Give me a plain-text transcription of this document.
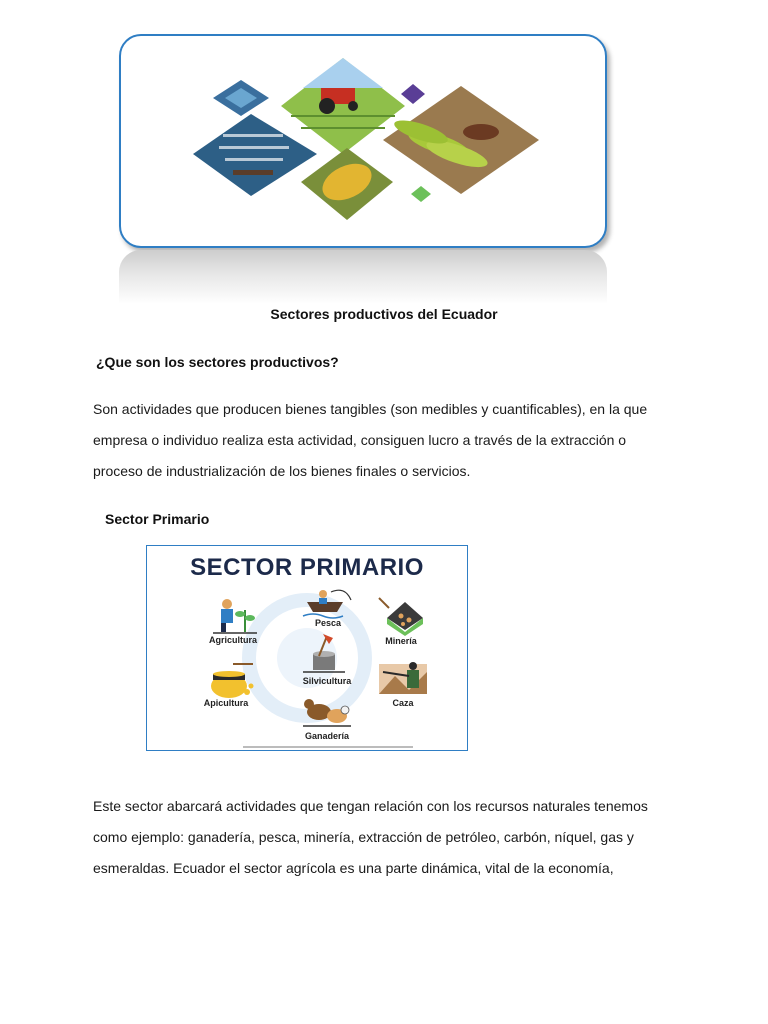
Sectores productivos del Ecuador
¿Que son los sectores productivos?
Son actividades que producen bienes tangibles (son medibles y cuantificables), en la que
empresa o individuo realiza esta actividad, consiguen lucro a través de la extracción o
proceso de industrialización de los bienes finales o servicios.
Sector Primario
SECTOR PRIMARIO
Agricultura
Pesca
Minería
Silvicultura
Apicultura	Caza
Ganadería
Este sector abarcará actividades que tengan relación con los recursos naturales tenemos
como ejemplo: ganadería, pesca, minería, extracción de petróleo, carbón, níquel, gas y
esmeraldas. Ecuador el sector agrícola es una parte dinámica, vital de la economía,
